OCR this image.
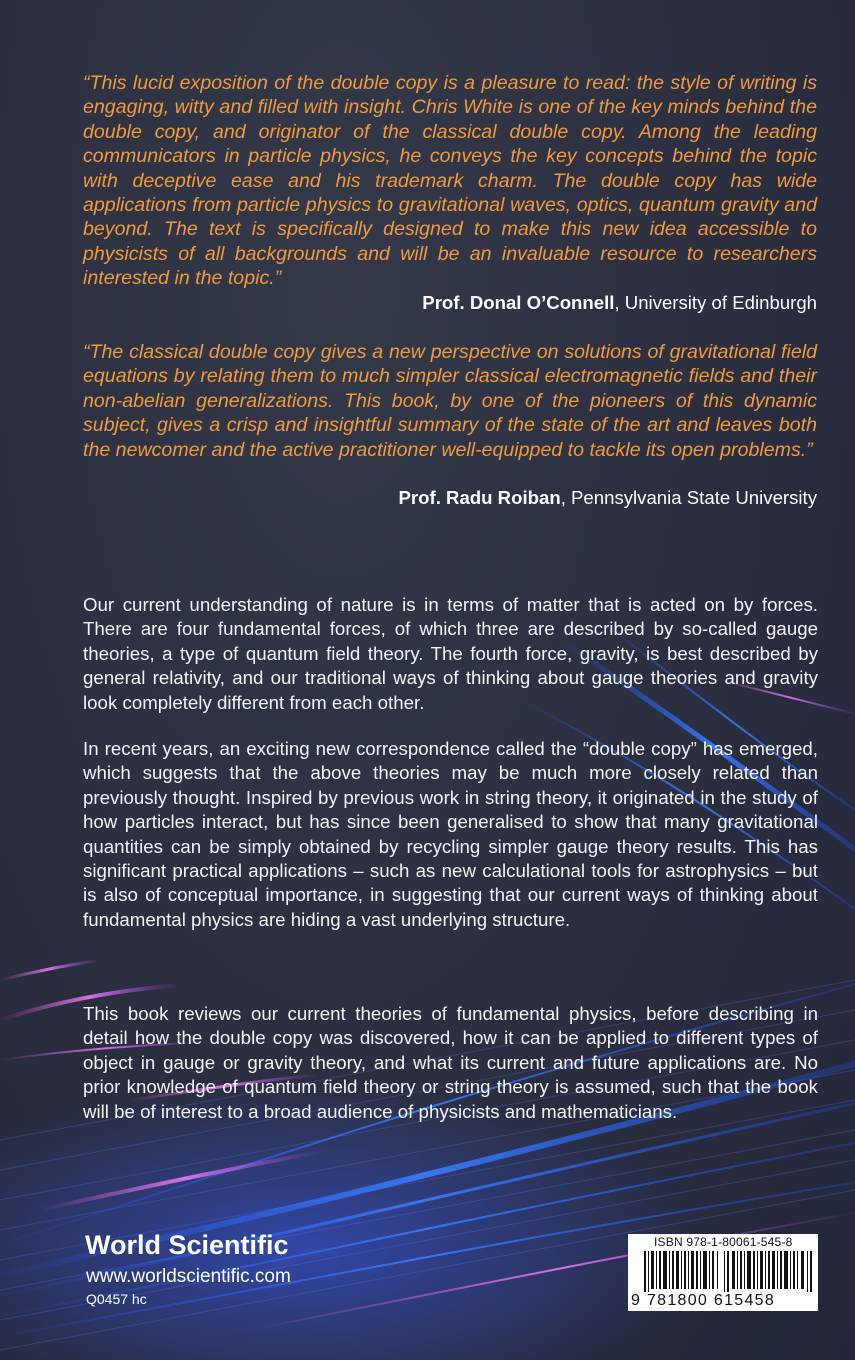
“This lucid exposition of the double copy is a pleasure to read: the style of writing is engaging, witty and filled with insight. Chris White is one of the key minds behind the double copy, and originator of the classical double copy. Among the leading communicators in particle physics, he conveys the key concepts behind the topic with deceptive ease and his trademark charm. The double copy has wide applications from particle physics to gravitational waves, optics, quantum gravity and beyond. The text is specifically designed to make this new idea accessible to physicists of all backgrounds and will be an invaluable resource to researchers interested in the topic.”

Prof. Donal O’Connell, University of Edinburgh

“The classical double copy gives a new perspective on solutions of gravitational field equations by relating them to much simpler classical electromagnetic fields and their non-abelian generalizations. This book, by one of the pioneers of this dynamic subject, gives a crisp and insightful summary of the state of the art and leaves both the newcomer and the active practitioner well-equipped to tackle its open problems.”

Prof. Radu Roiban, Pennsylvania State University

Our current understanding of nature is in terms of matter that is acted on by forces. There are four fundamental forces, of which three are described by so-called gauge theories, a type of quantum field theory. The fourth force, gravity, is best described by general relativity, and our traditional ways of thinking about gauge theories and gravity look completely different from each other.

In recent years, an exciting new correspondence called the “double copy” has emerged, which suggests that the above theories may be much more closely related than previously thought. Inspired by previous work in string theory, it originated in the study of how particles interact, but has since been generalised to show that many gravitational quantities can be simply obtained by recycling simpler gauge theory results. This has significant practical applications – such as new calculational tools for astrophysics – but is also of conceptual importance, in suggesting that our current ways of thinking about fundamental physics are hiding a vast underlying structure.

This book reviews our current theories of fundamental physics, before describing in detail how the double copy was discovered, how it can be applied to different types of object in gauge or gravity theory, and what its current and future applications are. No prior knowledge of quantum field theory or string theory is assumed, such that the book will be of interest to a broad audience of physicists and mathematicians.

World Scientific
www.worldscientific.com
Q0457 hc
ISBN 978-1-80061-545-8
9 781800 615458
